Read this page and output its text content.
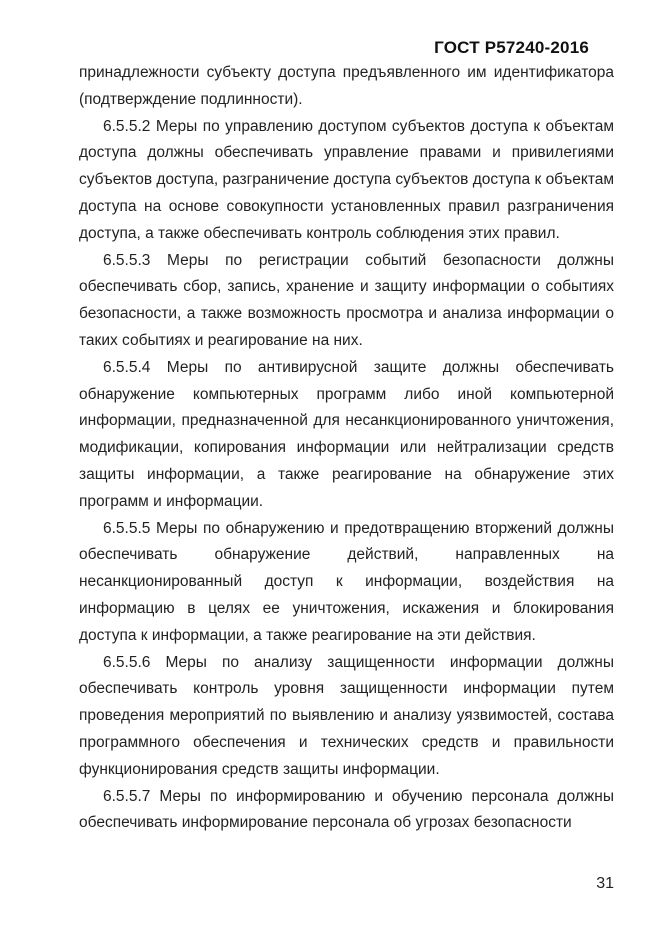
ГОСТ Р57240-2016

принадлежности субъекту доступа предъявленного им идентификатора (подтверждение подлинности).

6.5.5.2 Меры по управлению доступом субъектов доступа к объектам доступа должны обеспечивать управление правами и привилегиями субъектов доступа, разграничение доступа субъектов доступа к объектам доступа на основе совокупности установленных правил разграничения доступа, а также обеспечивать контроль соблюдения этих правил.

6.5.5.3 Меры по регистрации событий безопасности должны обеспечивать сбор, запись, хранение и защиту информации о событиях безопасности, а также возможность просмотра и анализа информации о таких событиях и реагирование на них.

6.5.5.4 Меры по антивирусной защите должны обеспечивать обнаружение компьютерных программ либо иной компьютерной информации, предназначенной для несанкционированного уничтожения, модификации, копирования информации или нейтрализации средств защиты информации, а также реагирование на обнаружение этих программ и информации.

6.5.5.5 Меры по обнаружению и предотвращению вторжений должны обеспечивать обнаружение действий, направленных на несанкционированный доступ к информации, воздействия на информацию в целях ее уничтожения, искажения и блокирования доступа к информации, а также реагирование на эти действия.

6.5.5.6 Меры по анализу защищенности информации должны обеспечивать контроль уровня защищенности информации путем проведения мероприятий по выявлению и анализу уязвимостей, состава программного обеспечения и технических средств и правильности функционирования средств защиты информации.

6.5.5.7 Меры по информированию и обучению персонала должны обеспечивать информирование персонала об угрозах безопасности

31
